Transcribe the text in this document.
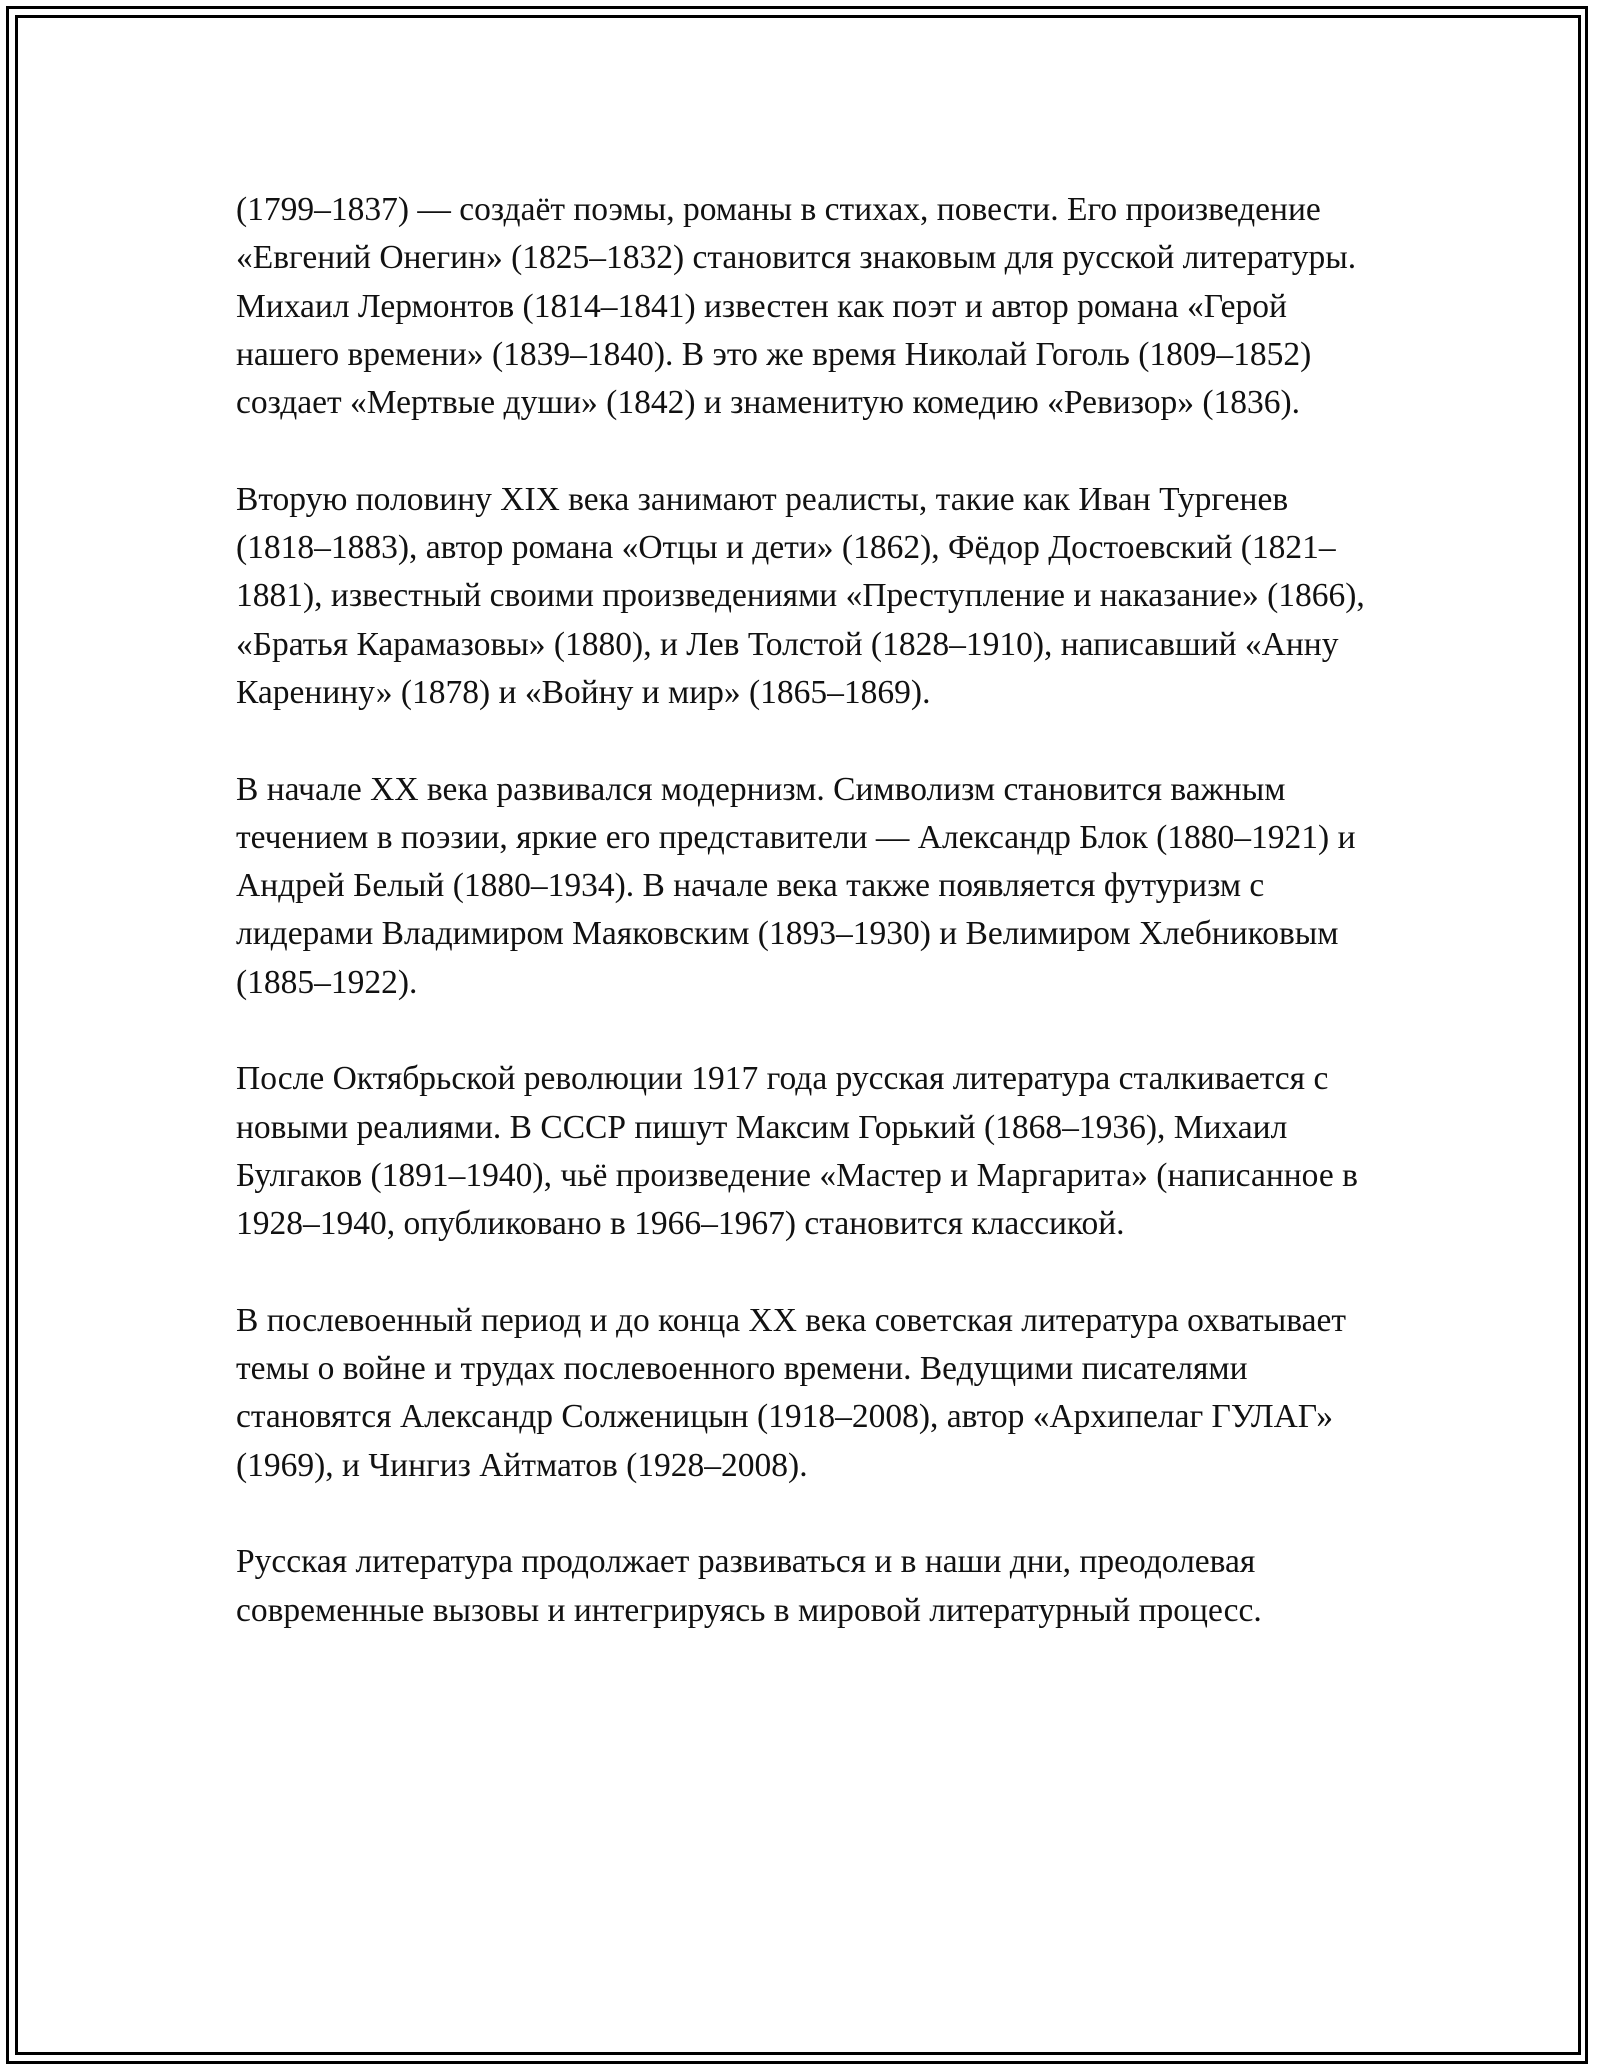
(1799–1837) — создаёт поэмы, романы в стихах, повести. Его произведение «Евгений Онегин» (1825–1832) становится знаковым для русской литературы. Михаил Лермонтов (1814–1841) известен как поэт и автор романа «Герой нашего времени» (1839–1840). В это же время Николай Гоголь (1809–1852) создает «Мертвые души» (1842) и знаменитую комедию «Ревизор» (1836).

Вторую половину XIX века занимают реалисты, такие как Иван Тургенев (1818–1883), автор романа «Отцы и дети» (1862), Фёдор Достоевский (1821–1881), известный своими произведениями «Преступление и наказание» (1866), «Братья Карамазовы» (1880), и Лев Толстой (1828–1910), написавший «Анну Каренину» (1878) и «Войну и мир» (1865–1869).

В начале XX века развивался модернизм. Символизм становится важным течением в поэзии, яркие его представители — Александр Блок (1880–1921) и Андрей Белый (1880–1934). В начале века также появляется футуризм с лидерами Владимиром Маяковским (1893–1930) и Велимиром Хлебниковым (1885–1922).

После Октябрьской революции 1917 года русская литература сталкивается с новыми реалиями. В СССР пишут Максим Горький (1868–1936), Михаил Булгаков (1891–1940), чьё произведение «Мастер и Маргарита» (написанное в 1928–1940, опубликовано в 1966–1967) становится классикой.

В послевоенный период и до конца XX века советская литература охватывает темы о войне и трудах послевоенного времени. Ведущими писателями становятся Александр Солженицын (1918–2008), автор «Архипелаг ГУЛАГ» (1969), и Чингиз Айтматов (1928–2008).

Русская литература продолжает развиваться и в наши дни, преодолевая современные вызовы и интегрируясь в мировой литературный процесс.
